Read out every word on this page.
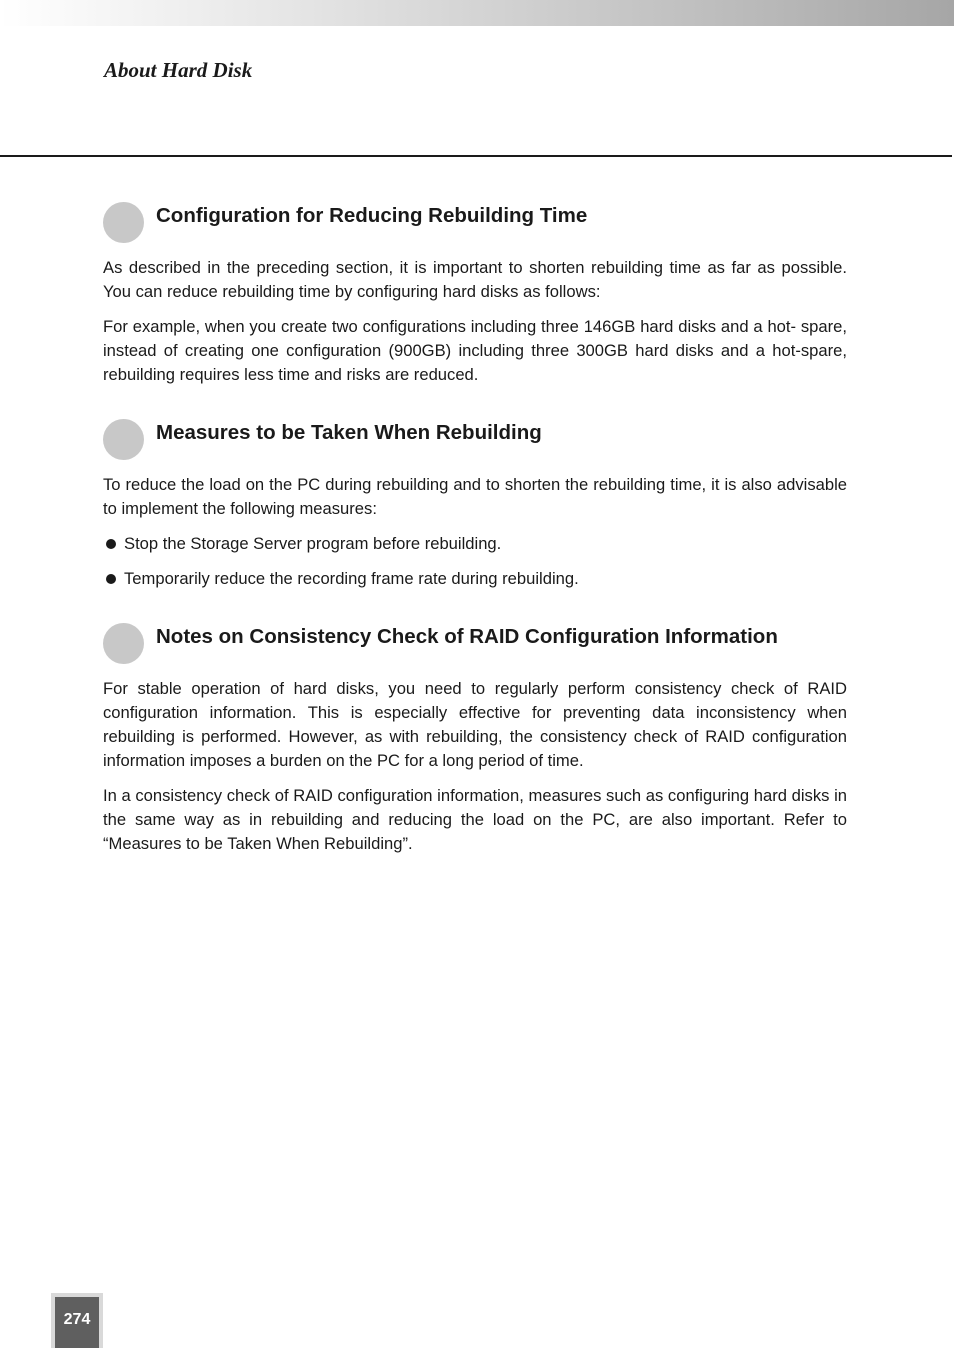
About Hard Disk
Configuration for Reducing Rebuilding Time

As described in the preceding section, it is important to shorten rebuilding time as far as possible. You can reduce rebuilding time by configuring hard disks as follows:

For example, when you create two configurations including three 146GB hard disks and a hot- spare, instead of creating one configuration (900GB) including three 300GB hard disks and a hot-spare, rebuilding requires less time and risks are reduced.

Measures to be Taken When Rebuilding

To reduce the load on the PC during rebuilding and to shorten the rebuilding time, it is also advisable to implement the following measures:

Stop the Storage Server program before rebuilding.
Temporarily reduce the recording frame rate during rebuilding.
Notes on Consistency Check of RAID Configuration Information

For stable operation of hard disks, you need to regularly perform consistency check of RAID configuration information. This is especially effective for preventing data inconsistency when rebuilding is performed. However, as with rebuilding, the consistency check of RAID configuration information imposes a burden on the PC for a long period of time.

In a consistency check of RAID configuration information, measures such as configuring hard disks in the same way as in rebuilding and reducing the load on the PC, are also important. Refer to “Measures to be Taken When Rebuilding”.

274
